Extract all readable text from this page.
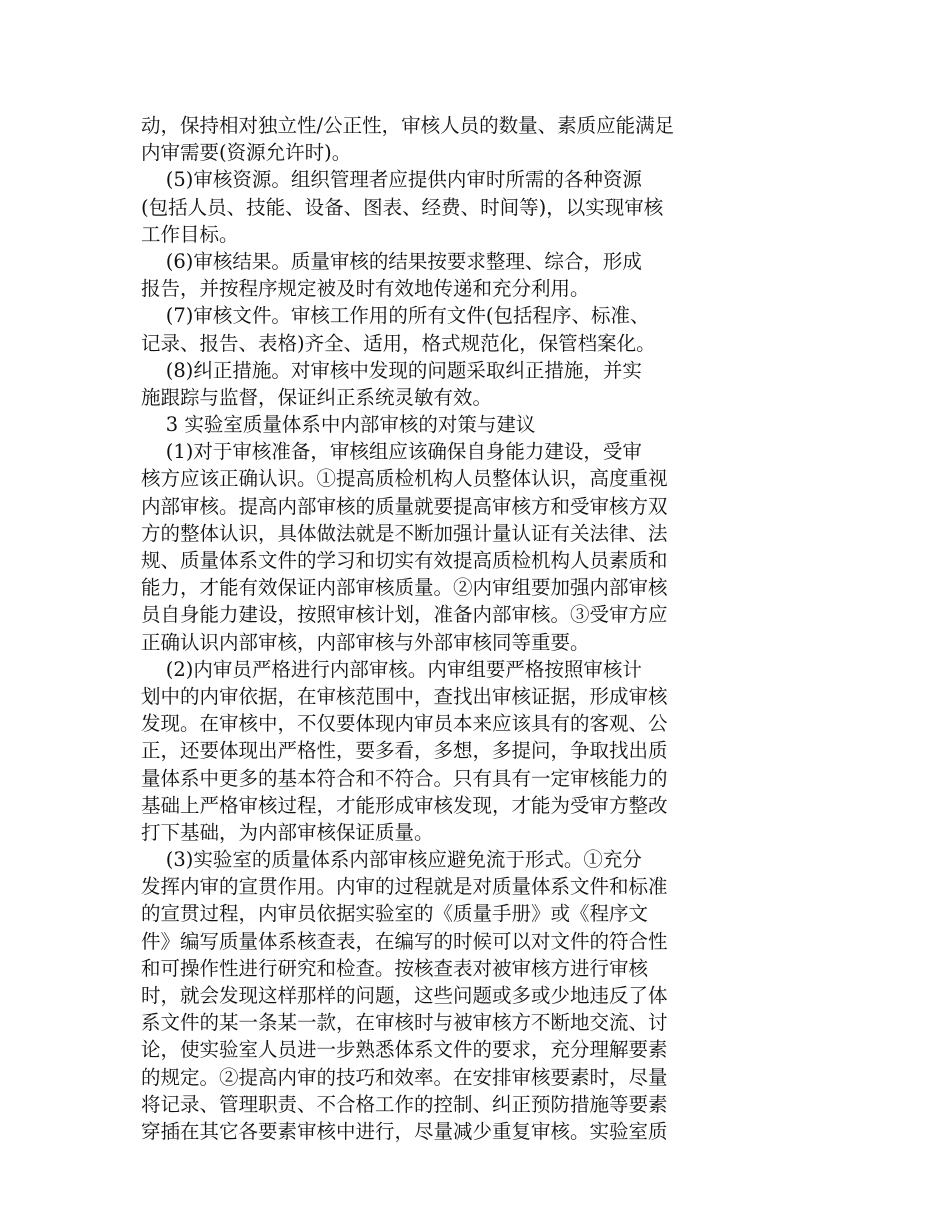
动，保持相对独立性/公正性，审核人员的数量、素质应能满足
内审需要(资源允许时)。
(5)审核资源。组织管理者应提供内审时所需的各种资源
(包括人员、技能、设备、图表、经费、时间等)，以实现审核
工作目标。
(6)审核结果。质量审核的结果按要求整理、综合，形成
报告，并按程序规定被及时有效地传递和充分利用。
(7)审核文件。审核工作用的所有文件(包括程序、标准、
记录、报告、表格)齐全、适用，格式规范化，保管档案化。
(8)纠正措施。对审核中发现的问题采取纠正措施，并实
施跟踪与监督，保证纠正系统灵敏有效。
3 实验室质量体系中内部审核的对策与建议
(1)对于审核准备，审核组应该确保自身能力建设，受审
核方应该正确认识。①提高质检机构人员整体认识，高度重视
内部审核。提高内部审核的质量就要提高审核方和受审核方双
方的整体认识，具体做法就是不断加强计量认证有关法律、法
规、质量体系文件的学习和切实有效提高质检机构人员素质和
能力，才能有效保证内部审核质量。②内审组要加强内部审核
员自身能力建设，按照审核计划，准备内部审核。③受审方应
正确认识内部审核，内部审核与外部审核同等重要。
(2)内审员严格进行内部审核。内审组要严格按照审核计
划中的内审依据，在审核范围中，查找出审核证据，形成审核
发现。在审核中，不仅要体现内审员本来应该具有的客观、公
正，还要体现出严格性，要多看，多想，多提问，争取找出质
量体系中更多的基本符合和不符合。只有具有一定审核能力的
基础上严格审核过程，才能形成审核发现，才能为受审方整改
打下基础，为内部审核保证质量。
(3)实验室的质量体系内部审核应避免流于形式。①充分
发挥内审的宣贯作用。内审的过程就是对质量体系文件和标准
的宣贯过程，内审员依据实验室的《质量手册》或《程序文
件》编写质量体系核查表，在编写的时候可以对文件的符合性
和可操作性进行研究和检查。按核查表对被审核方进行审核
时，就会发现这样那样的问题，这些问题或多或少地违反了体
系文件的某一条某一款，在审核时与被审核方不断地交流、讨
论，使实验室人员进一步熟悉体系文件的要求，充分理解要素
的规定。②提高内审的技巧和效率。在安排审核要素时，尽量
将记录、管理职责、不合格工作的控制、纠正预防措施等要素
穿插在其它各要素审核中进行，尽量减少重复审核。实验室质
